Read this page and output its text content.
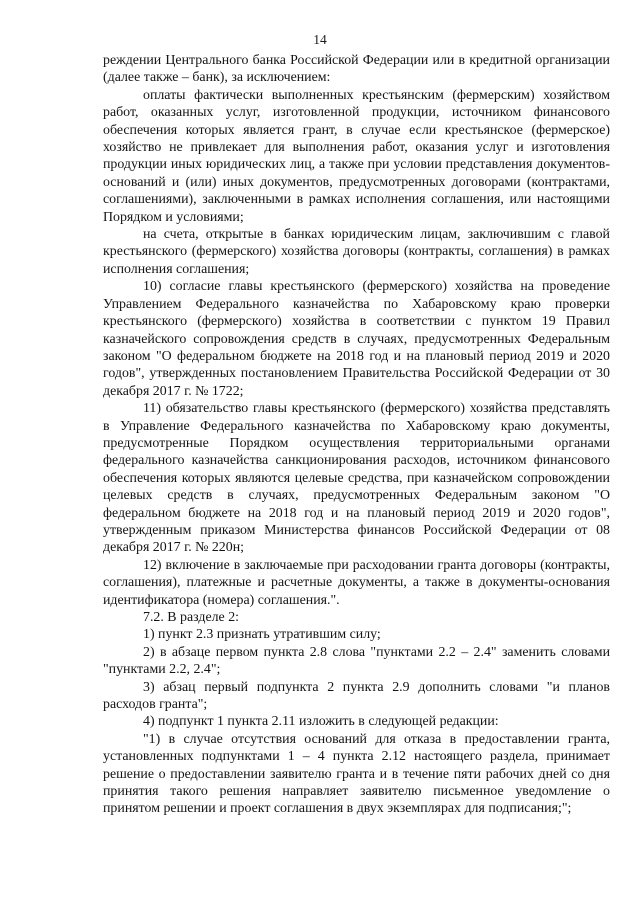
14

реждении Центрального банка Российской Федерации или в кредитной организации (далее также – банк), за исключением:

оплаты фактически выполненных крестьянским (фермерским) хозяйством работ, оказанных услуг, изготовленной продукции, источником финансового обеспечения которых является грант, в случае если крестьянское (фермерское) хозяйство не привлекает для выполнения работ, оказания услуг и изготовления продукции иных юридических лиц, а также при условии представления документов-оснований и (или) иных документов, предусмотренных договорами (контрактами, соглашениями), заключенными в рамках исполнения соглашения, или настоящими Порядком и условиями;

на счета, открытые в банках юридическим лицам, заключившим с главой крестьянского (фермерского) хозяйства договоры (контракты, соглашения) в рамках исполнения соглашения;

10) согласие главы крестьянского (фермерского) хозяйства на проведение Управлением Федерального казначейства по Хабаровскому краю проверки крестьянского (фермерского) хозяйства в соответствии с пунктом 19 Правил казначейского сопровождения средств в случаях, предусмотренных Федеральным законом "О федеральном бюджете на 2018 год и на плановый период 2019 и 2020 годов", утвержденных постановлением Правительства Российской Федерации от 30 декабря 2017 г. № 1722;

11) обязательство главы крестьянского (фермерского) хозяйства представлять в Управление Федерального казначейства по Хабаровскому краю документы, предусмотренные Порядком осуществления территориальными органами федерального казначейства санкционирования расходов, источником финансового обеспечения которых являются целевые средства, при казначейском сопровождении целевых средств в случаях, предусмотренных Федеральным законом "О федеральном бюджете на 2018 год и на плановый период 2019 и 2020 годов", утвержденным приказом Министерства финансов Российской Федерации от 08 декабря 2017 г. № 220н;

12) включение в заключаемые при расходовании гранта договоры (контракты, соглашения), платежные и расчетные документы, а также в документы-основания идентификатора (номера) соглашения.".

7.2. В разделе 2:

1) пункт 2.3 признать утратившим силу;

2) в абзаце первом пункта 2.8 слова "пунктами 2.2 – 2.4" заменить словами "пунктами 2.2, 2.4";

3) абзац первый подпункта 2 пункта 2.9 дополнить словами "и планов расходов гранта";

4) подпункт 1 пункта 2.11 изложить в следующей редакции:

"1) в случае отсутствия оснований для отказа в предоставлении гранта, установленных подпунктами 1 – 4 пункта 2.12 настоящего раздела, принимает решение о предоставлении заявителю гранта и в течение пяти рабочих дней со дня принятия такого решения направляет заявителю письменное уведомление о принятом решении и проект соглашения в двух экземплярах для подписания;";
